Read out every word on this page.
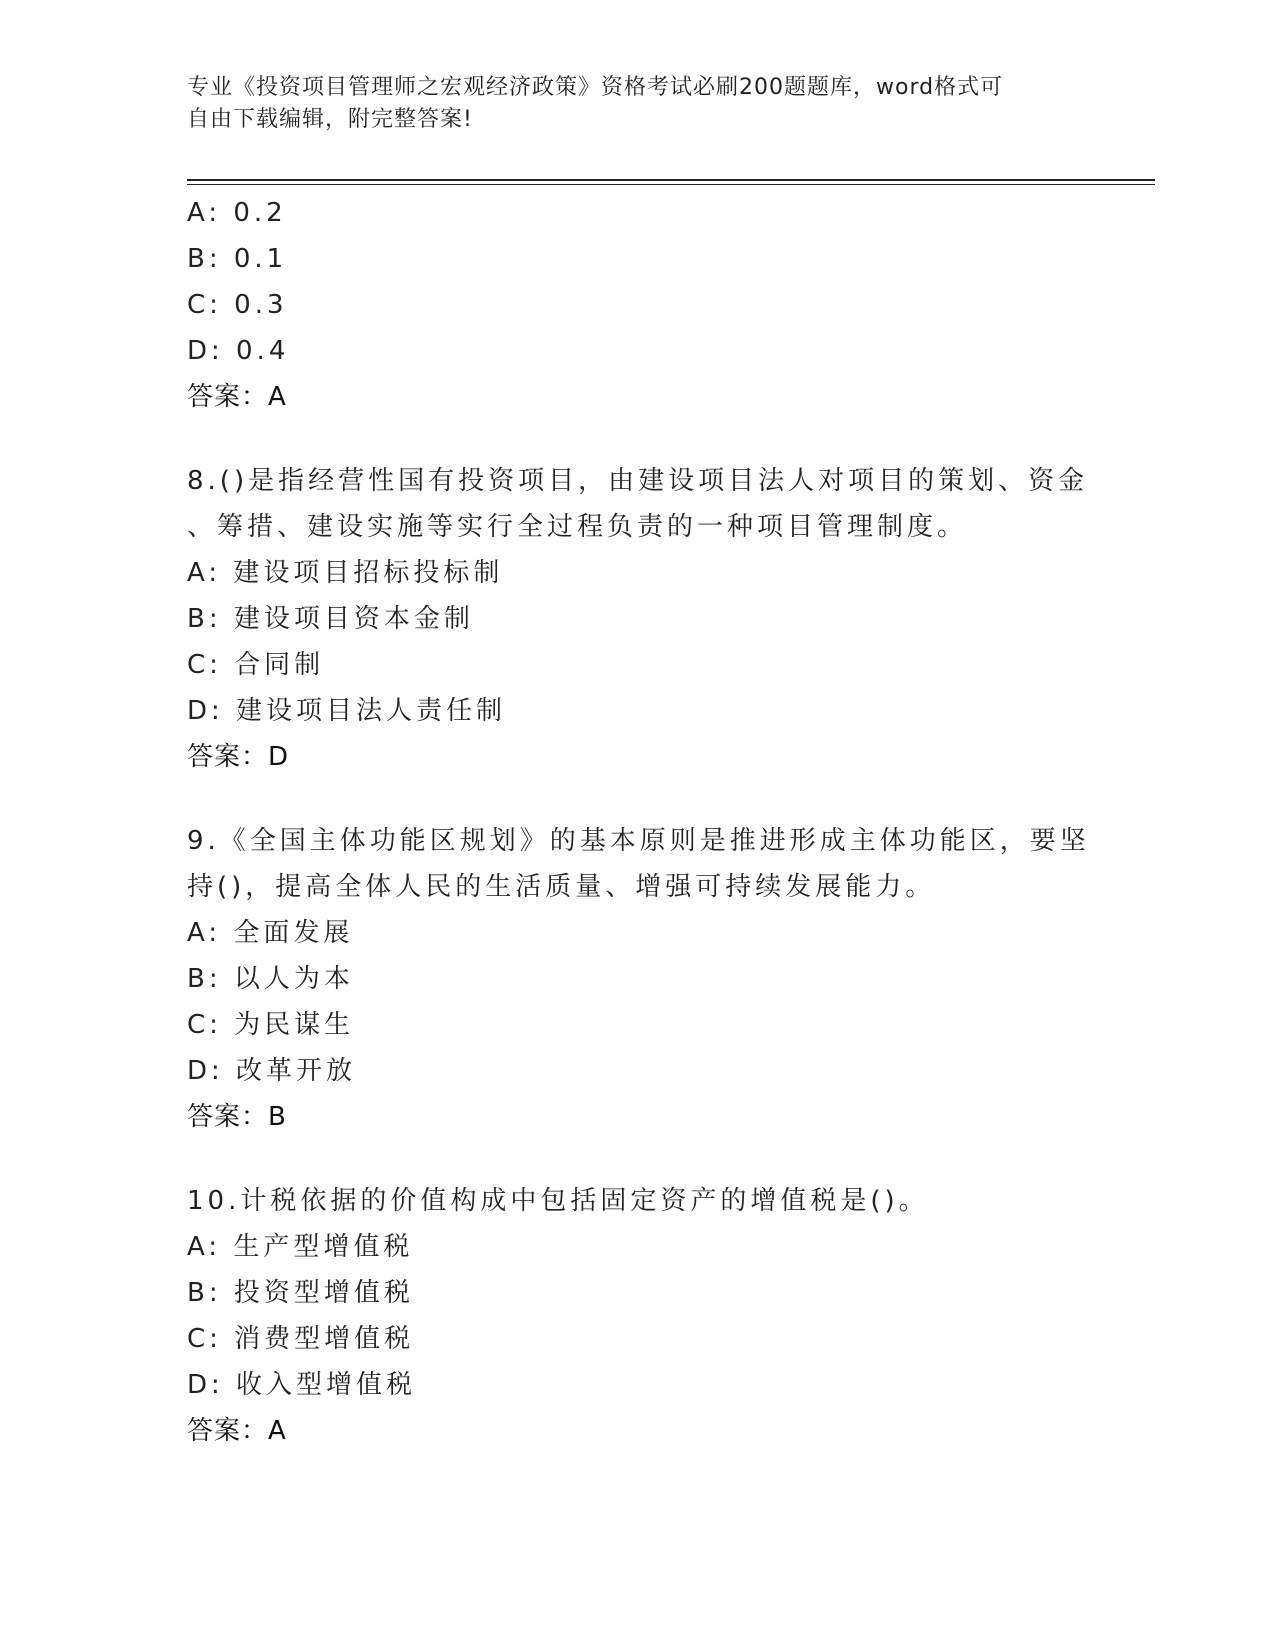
专业《投资项目管理师之宏观经济政策》资格考试必刷200题题库，word格式可
自由下载编辑，附完整答案!
A: 0.2
B: 0.1
C: 0.3
D: 0.4
答案：A
8.()是指经营性国有投资项目，由建设项目法人对项目的策划、资金
、筹措、建设实施等实行全过程负责的一种项目管理制度。
A: 建设项目招标投标制
B: 建设项目资本金制
C: 合同制
D: 建设项目法人责任制
答案：D
9.《全国主体功能区规划》的基本原则是推进形成主体功能区，要坚
持()，提高全体人民的生活质量、增强可持续发展能力。
A: 全面发展
B: 以人为本
C: 为民谋生
D: 改革开放
答案：B
10.计税依据的价值构成中包括固定资产的增值税是()。
A: 生产型增值税
B: 投资型增值税
C: 消费型增值税
D: 收入型增值税
答案：A
